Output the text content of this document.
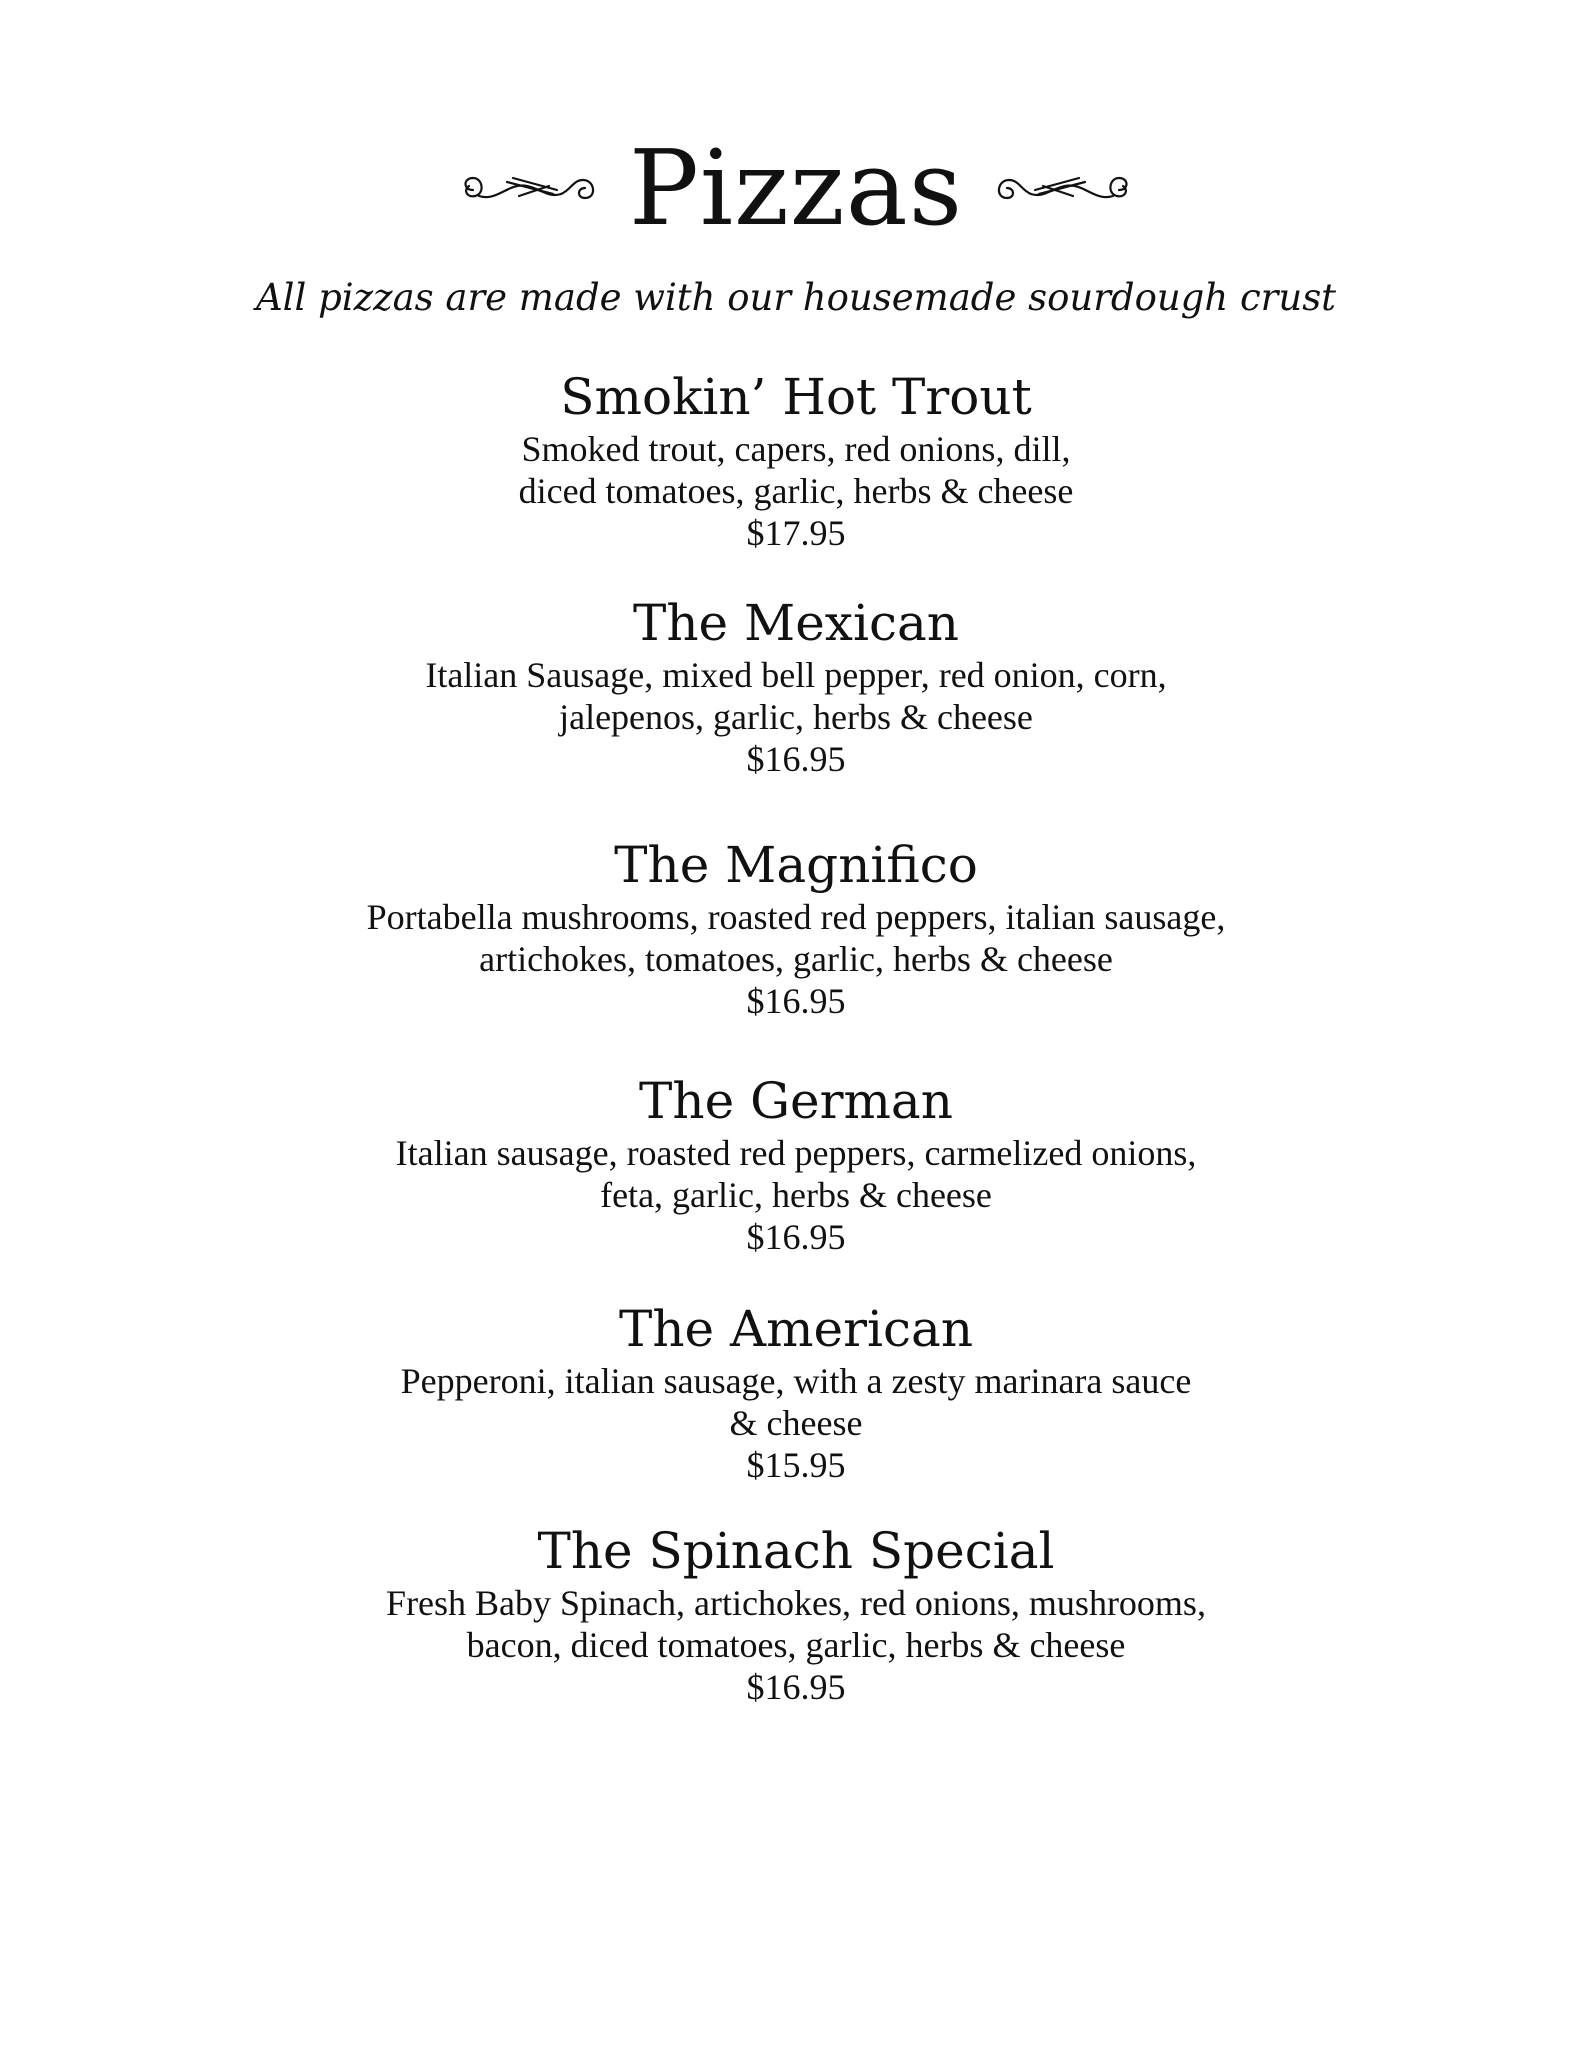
Pizzas
All pizzas are made with our housemade sourdough crust
Smokin’ Hot Trout
Smoked trout, capers, red onions, dill,
diced tomatoes, garlic, herbs & cheese
$17.95
The Mexican
Italian Sausage, mixed bell pepper, red onion, corn,
jalepenos, garlic, herbs & cheese
$16.95
The Magnifico
Portabella mushrooms, roasted red peppers, italian sausage,
artichokes, tomatoes, garlic, herbs & cheese
$16.95
The German
Italian sausage, roasted red peppers, carmelized onions,
feta, garlic, herbs & cheese
$16.95
The American
Pepperoni, italian sausage, with a zesty marinara sauce
& cheese
$15.95
The Spinach Special
Fresh Baby Spinach, artichokes, red onions, mushrooms,
bacon, diced tomatoes, garlic, herbs & cheese
$16.95
